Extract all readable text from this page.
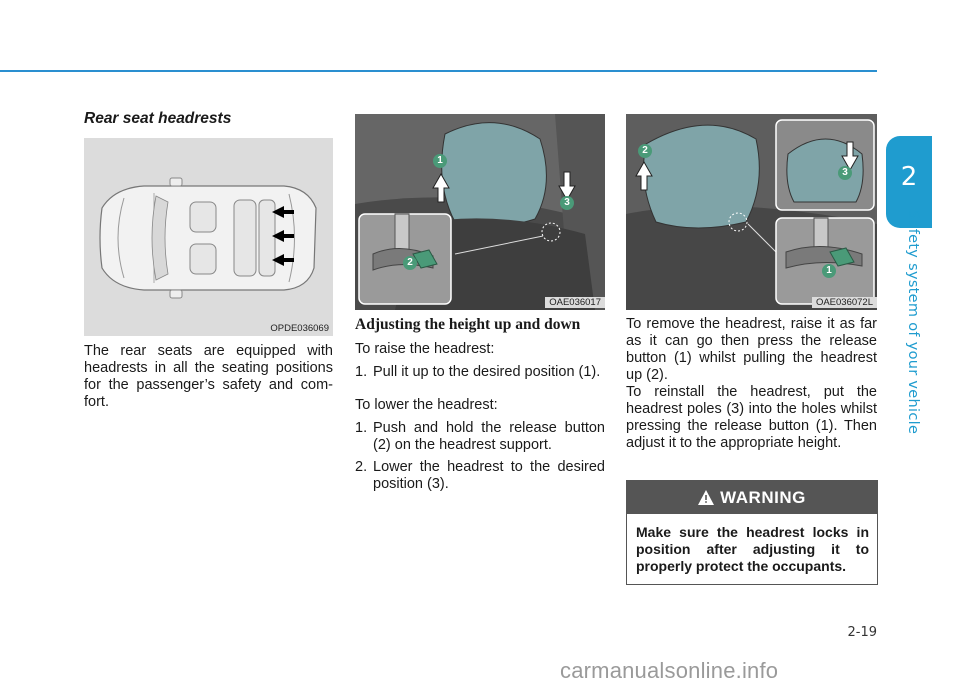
2
Safety system of your vehicle
Rear seat headrests
OPDE036069
The rear seats are equipped with headrests in all the seating positions for the passenger’s safety and com- fort.
1
3
2
OAE036017
Adjusting the height up and down
To raise the headrest:
1. Pull it up to the desired position (1).
To lower the headrest:
1. Push and hold the release button (2) on the headrest support.
2. Lower the headrest to the desired position (3).
2
3
1
OAE036072L
To remove the headrest, raise it as far as it can go then press the release button (1) whilst pulling the headrest up (2).
To reinstall the headrest, put the headrest poles (3) into the holes whilst pressing the release button (1). Then adjust it to the appropriate height.
WARNING
Make sure the headrest locks in position after adjusting it to properly protect the occupants.
2-19
carmanualsonline.info
